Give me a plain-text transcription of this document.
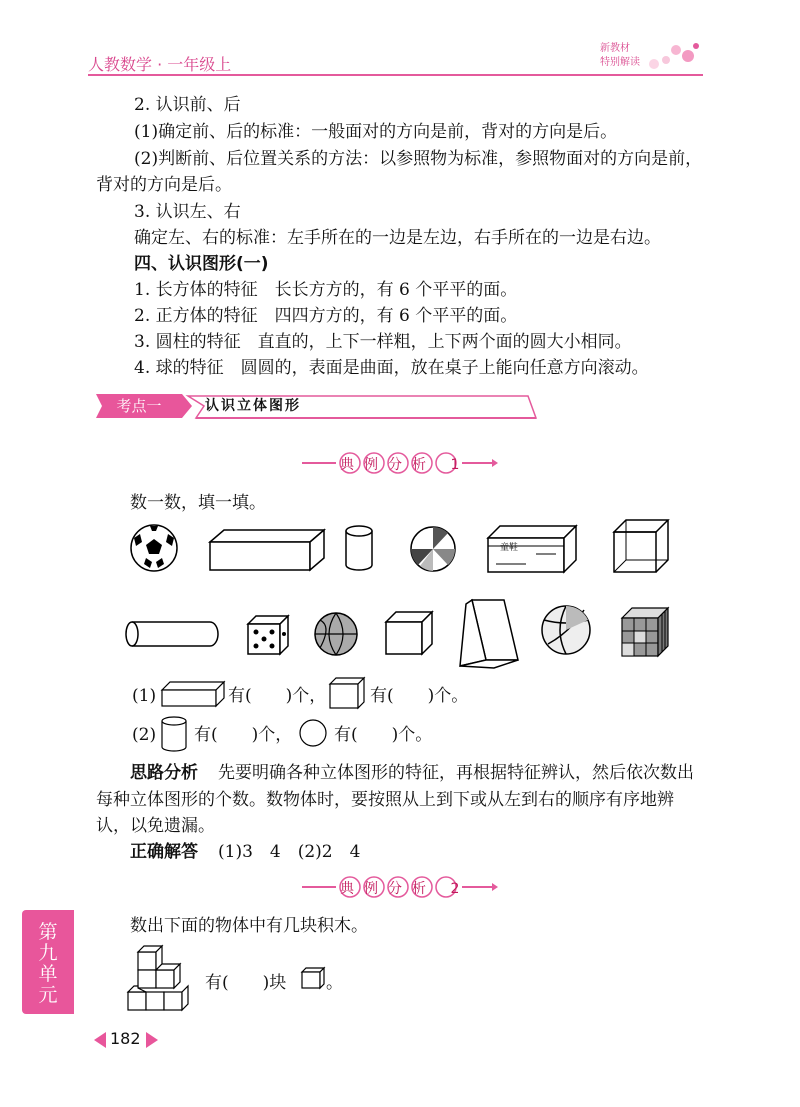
人教数学 · 一年级上
新教材
特别解读
2. 认识前、后
(1)确定前、后的标准：一般面对的方向是前，背对的方向是后。
(2)判断前、后位置关系的方法：以参照物为标准，参照物面对的方向是前，
背对的方向是后。
3. 认识左、右
确定左、右的标准：左手所在的一边是左边，右手所在的一边是右边。
四、认识图形(一)
1. 长方体的特征　长长方方的，有 6 个平平的面。
2. 正方体的特征　四四方方的，有 6 个平平的面。
3. 圆柱的特征　直直的，上下一样粗，上下两个面的圆大小相同。
4. 球的特征　圆圆的，表面是曲面，放在桌子上能向任意方向滚动。
考点一	认识立体图形
典例分析 1
数一数，填一填。
童鞋
(1)	有(　　)个，	有(　　)个。
(2) 有(　　)个， 有(　　)个。
思路分析 先要明确各种立体图形的特征，再根据特征辨认，然后依次数出
每种立体图形的个数。数物体时，要按照从上到下或从左到右的顺序有序地辨
认，以免遗漏。
正确解答 (1)3　4　(2)2　4
典例分析 2
数出下面的物体中有几块积木。
有(　　)块 。
第九单元
182
